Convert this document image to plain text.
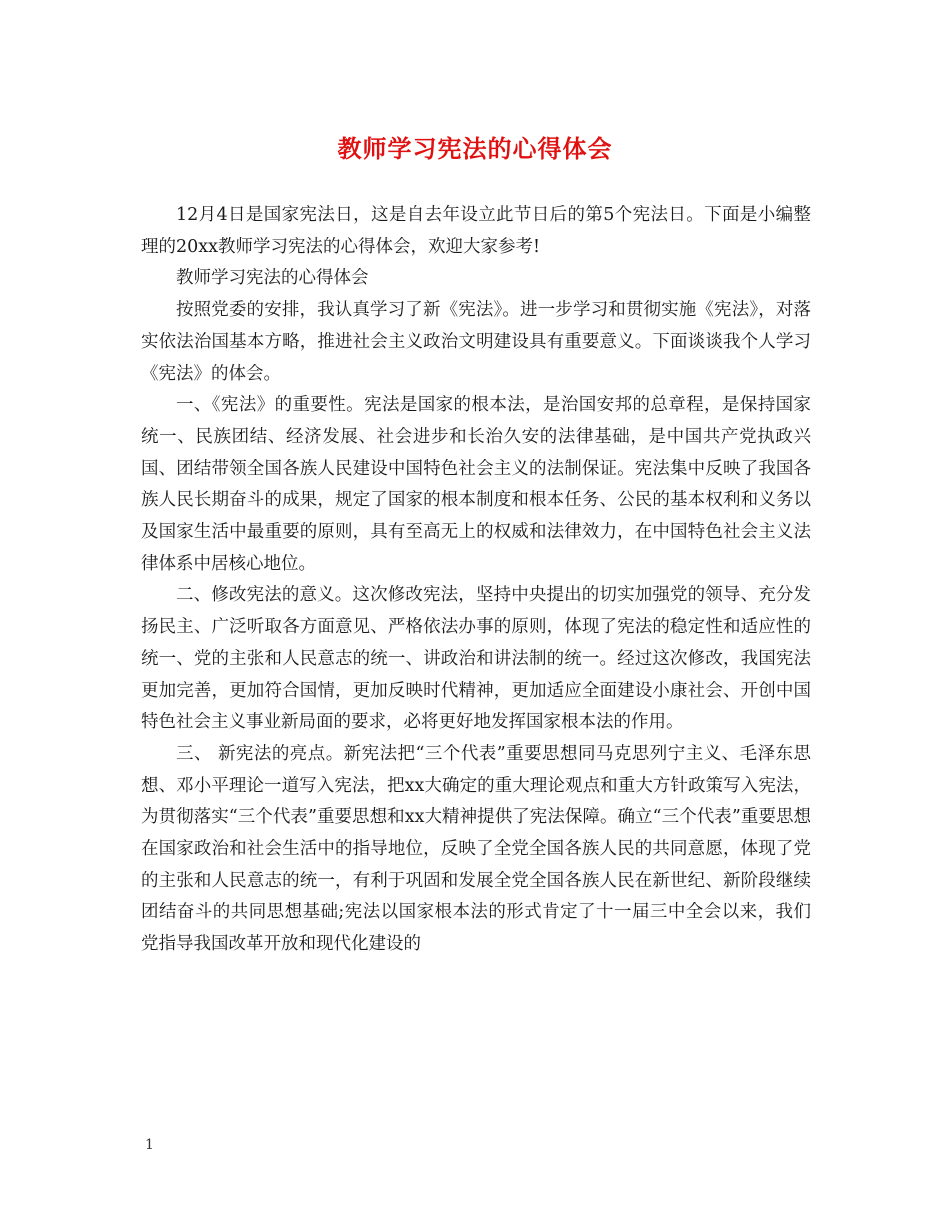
教师学习宪法的心得体会

12月4日是国家宪法日，这是自去年设立此节日后的第5个宪法日。下面是小编整理的20xx教师学习宪法的心得体会，欢迎大家参考!

教师学习宪法的心得体会

按照党委的安排，我认真学习了新《宪法》。进一步学习和贯彻实施《宪法》，对落实依法治国基本方略，推进社会主义政治文明建设具有重要意义。下面谈谈我个人学习《宪法》的体会。

一、《宪法》的重要性。宪法是国家的根本法，是治国安邦的总章程，是保持国家统一、民族团结、经济发展、社会进步和长治久安的法律基础，是中国共产党执政兴国、团结带领全国各族人民建设中国特色社会主义的法制保证。宪法集中反映了我国各族人民长期奋斗的成果，规定了国家的根本制度和根本任务、公民的基本权利和义务以及国家生活中最重要的原则，具有至高无上的权威和法律效力，在中国特色社会主义法律体系中居核心地位。

二、修改宪法的意义。这次修改宪法，坚持中央提出的切实加强党的领导、充分发扬民主、广泛听取各方面意见、严格依法办事的原则，体现了宪法的稳定性和适应性的统一、党的主张和人民意志的统一、讲政治和讲法制的统一。经过这次修改，我国宪法更加完善，更加符合国情，更加反映时代精神，更加适应全面建设小康社会、开创中国特色社会主义事业新局面的要求，必将更好地发挥国家根本法的作用。

三、 新宪法的亮点。新宪法把“三个代表”重要思想同马克思列宁主义、毛泽东思想、邓小平理论一道写入宪法，把xx大确定的重大理论观点和重大方针政策写入宪法，为贯彻落实“三个代表”重要思想和xx大精神提供了宪法保障。确立“三个代表”重要思想在国家政治和社会生活中的指导地位，反映了全党全国各族人民的共同意愿，体现了党的主张和人民意志的统一，有利于巩固和发展全党全国各族人民在新世纪、新阶段继续团结奋斗的共同思想基础;宪法以国家根本法的形式肯定了十一届三中全会以来，我们党指导我国改革开放和现代化建设的

1
